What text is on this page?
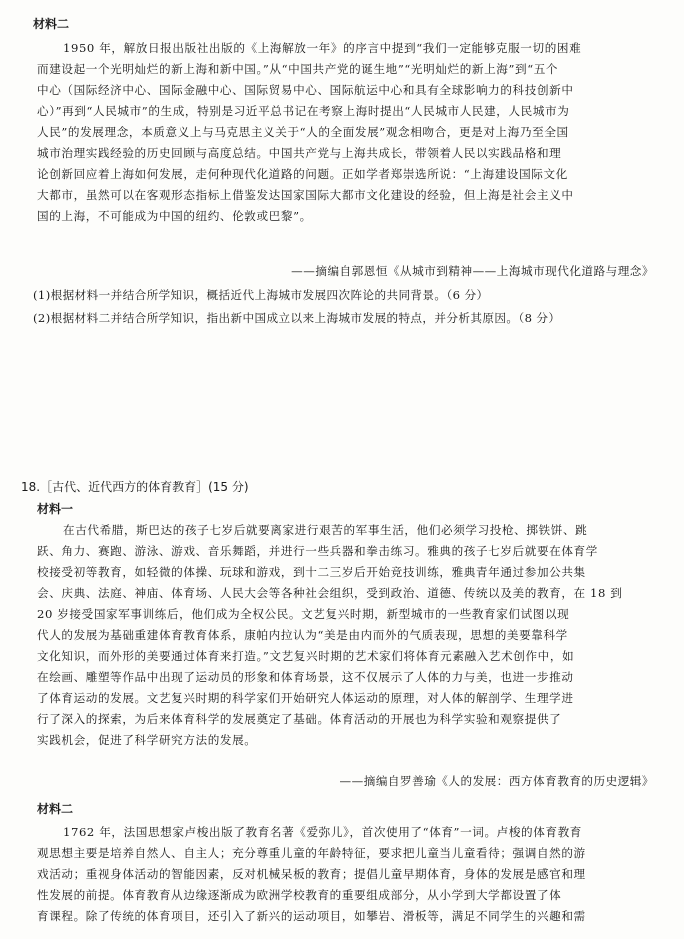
材料二
1950 年，解放日报出版社出版的《上海解放一年》的序言中提到“我们一定能够克服一切的困难
而建设起一个光明灿烂的新上海和新中国。”从“中国共产党的诞生地”“光明灿烂的新上海”到“五个
中心（国际经济中心、国际金融中心、国际贸易中心、国际航运中心和具有全球影响力的科技创新中
心）”再到“人民城市”的生成，特别是习近平总书记在考察上海时提出“人民城市人民建，人民城市为
人民”的发展理念，本质意义上与马克思主义关于“人的全面发展”观念相吻合，更是对上海乃至全国
城市治理实践经验的历史回顾与高度总结。中国共产党与上海共成长，带领着人民以实践品格和理
论创新回应着上海如何发展，走何种现代化道路的问题。正如学者郑崇选所说：“上海建设国际文化
大都市，虽然可以在客观形态指标上借鉴发达国家国际大都市文化建设的经验，但上海是社会主义中
国的上海，不可能成为中国的纽约、伦敦或巴黎”。
——摘编自郭恩恒《从城市到精神——上海城市现代化道路与理念》
(1)根据材料一并结合所学知识，概括近代上海城市发展四次阵论的共同背景。（6 分）
(2)根据材料二并结合所学知识，指出新中国成立以来上海城市发展的特点，并分析其原因。（8 分）
18.［古代、近代西方的体育教育］(15 分)
材料一
在古代希腊，斯巴达的孩子七岁后就要离家进行艰苦的军事生活，他们必须学习投枪、掷铁饼、跳
跃、角力、赛跑、游泳、游戏、音乐舞蹈，并进行一些兵器和拳击练习。雅典的孩子七岁后就要在体育学
校接受初等教育，如轻微的体操、玩球和游戏，到十二三岁后开始竞技训练，雅典青年通过参加公共集
会、庆典、法庭、神庙、体育场、人民大会等各种社会组织，受到政治、道德、传统以及美的教育，在 18 到
20 岁接受国家军事训练后，他们成为全权公民。文艺复兴时期，新型城市的一些教育家们试图以现
代人的发展为基础重建体育教育体系，康帕内拉认为“美是由内而外的气质表现，思想的美要靠科学
文化知识，而外形的美要通过体育来打造。”文艺复兴时期的艺术家们将体育元素融入艺术创作中，如
在绘画、雕塑等作品中出现了运动员的形象和体育场景，这不仅展示了人体的力与美，也进一步推动
了体育运动的发展。文艺复兴时期的科学家们开始研究人体运动的原理，对人体的解剖学、生理学进
行了深入的探索，为后来体育科学的发展奠定了基础。体育活动的开展也为科学实验和观察提供了
实践机会，促进了科学研究方法的发展。
——摘编自罗善瑜《人的发展：西方体育教育的历史逻辑》
材料二
1762 年，法国思想家卢梭出版了教育名著《爱弥儿》，首次使用了“体育”一词。卢梭的体育教育
观思想主要是培养自然人、自主人；充分尊重儿童的年龄特征，要求把儿童当儿童看待；强调自然的游
戏活动；重视身体活动的智能因素，反对机械呆板的教育；提倡儿童早期体育，身体的发展是感官和理
性发展的前提。体育教育从边缘逐渐成为欧洲学校教育的重要组成部分，从小学到大学都设置了体
育课程。除了传统的体育项目，还引入了新兴的运动项目，如攀岩、滑板等，满足不同学生的兴趣和需
